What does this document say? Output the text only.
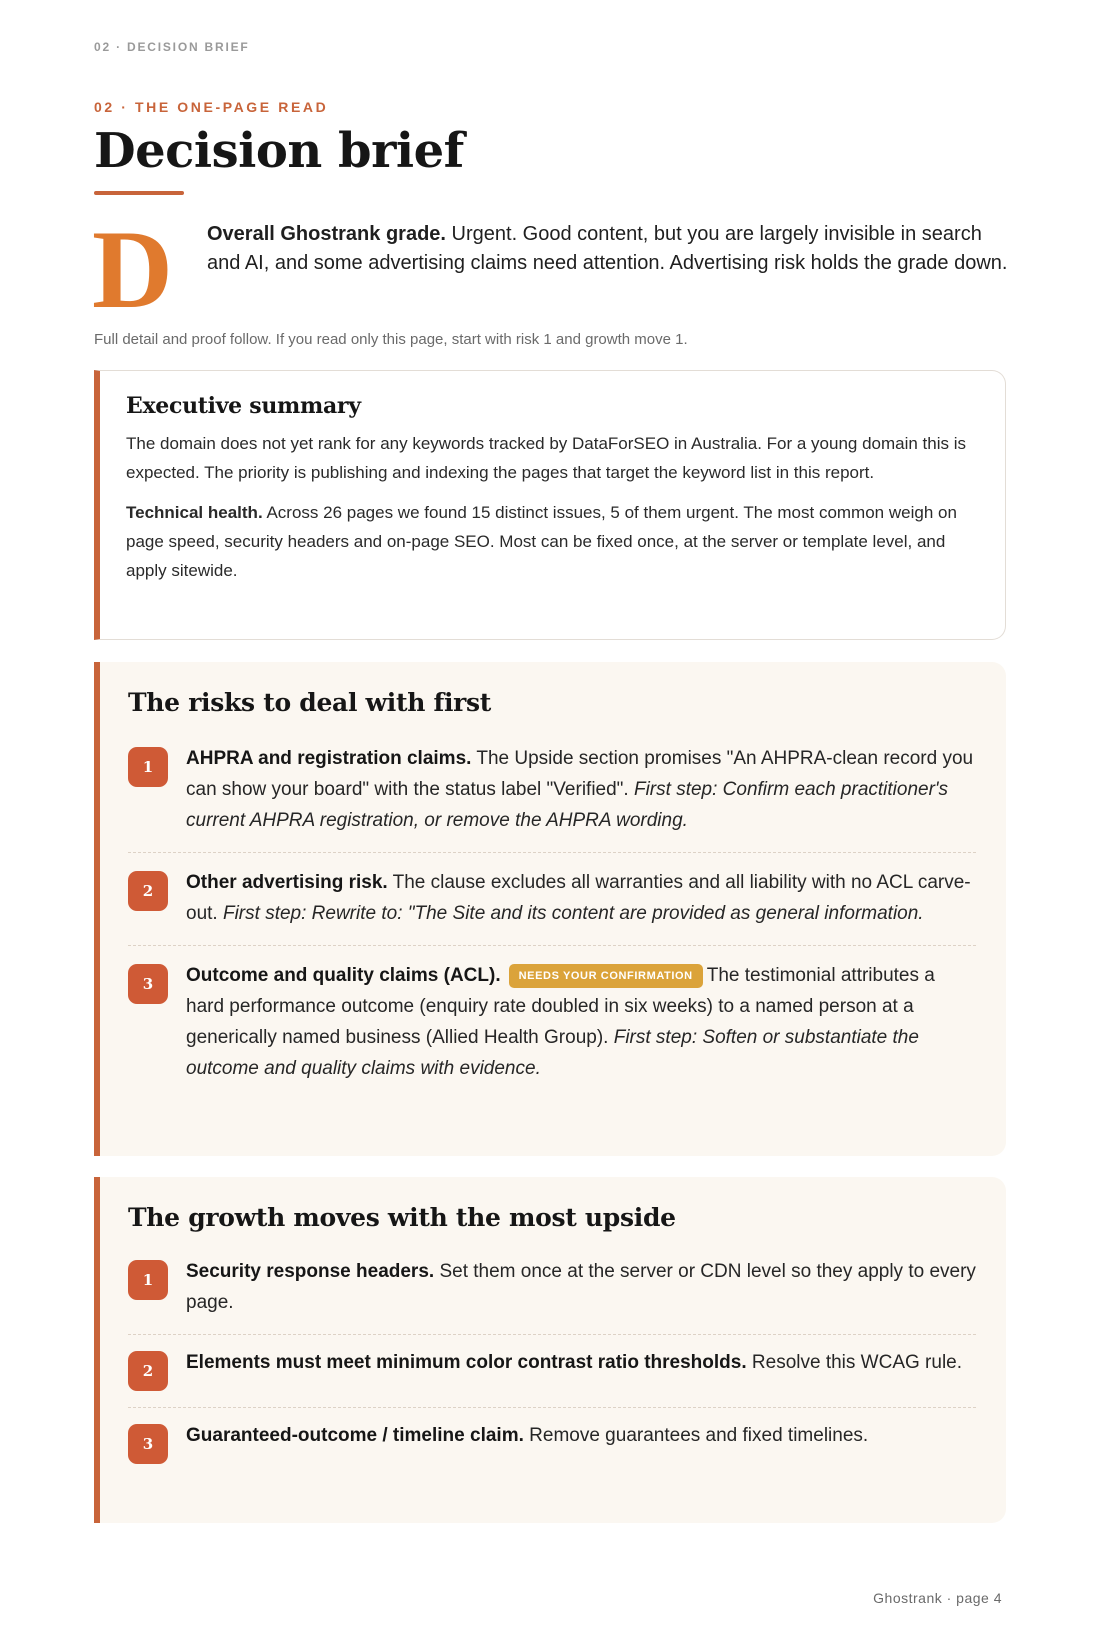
02 · DECISION BRIEF
02 · THE ONE-PAGE READ
Decision brief
D Overall Ghostrank grade. Urgent. Good content, but you are largely invisible in search and AI, and some advertising claims need attention. Advertising risk holds the grade down.
Full detail and proof follow. If you read only this page, start with risk 1 and growth move 1.
Executive summary

The domain does not yet rank for any keywords tracked by DataForSEO in Australia. For a young domain this is expected. The priority is publishing and indexing the pages that target the keyword list in this report.

Technical health. Across 26 pages we found 15 distinct issues, 5 of them urgent. The most common weigh on page speed, security headers and on-page SEO. Most can be fixed once, at the server or template level, and apply sitewide.

The risks to deal with first
1	AHPRA and registration claims. The Upside section promises "An AHPRA-clean record you can show your board" with the status label "Verified". First step: Confirm each practitioner's current AHPRA registration, or remove the AHPRA wording.
2	Other advertising risk. The clause excludes all warranties and all liability with no ACL carve-out. First step: Rewrite to: "The Site and its content are provided as general information.
3	Outcome and quality claims (ACL). NEEDS YOUR CONFIRMATION The testimonial attributes a hard performance outcome (enquiry rate doubled in six weeks) to a named person at a generically named business (Allied Health Group). First step: Soften or substantiate the outcome and quality claims with evidence.
The growth moves with the most upside
1	Security response headers. Set them once at the server or CDN level so they apply to every page.
2	Elements must meet minimum color contrast ratio thresholds. Resolve this WCAG rule.
3	Guaranteed-outcome / timeline claim. Remove guarantees and fixed timelines.
Ghostrank · page 4
